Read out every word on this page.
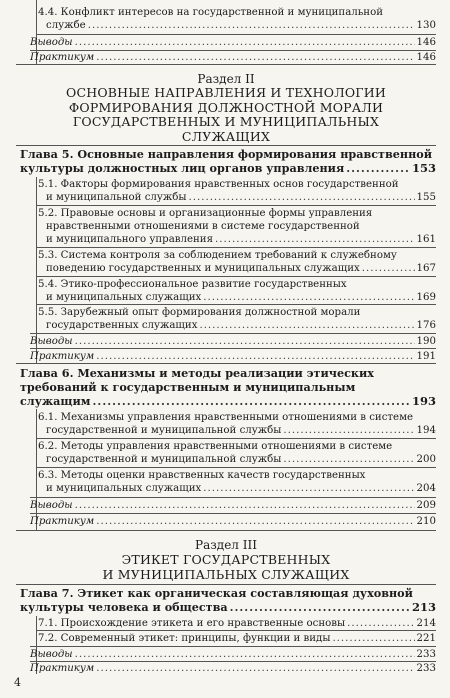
4.4. Конфликт интересов на государственной и муниципальной
службе .....	130
Выводы .....	146
Практикум .....	146
Раздел II
ОСНОВНЫЕ НАПРАВЛЕНИЯ И ТЕХНОЛОГИИ
ФОРМИРОВАНИЯ ДОЛЖНОСТНОЙ МОРАЛИ
ГОСУДАРСТВЕННЫХ И МУНИЦИПАЛЬНЫХ
СЛУЖАЩИХ
Глава 5. Основные направления формирования нравственной
культуры должностных лиц органов управления .....	153
5.1. Факторы формирования нравственных основ государственной
и муниципальной службы .....	155
5.2. Правовые основы и организационные формы управления
нравственными отношениями в системе государственной
и муниципального управления .....	161
5.3. Система контроля за соблюдением требований к служебному
поведению государственных и муниципальных служащих .....	167
5.4. Этико-профессиональное развитие государственных
и муниципальных служащих .....	169
5.5. Зарубежный опыт формирования должностной морали
государственных служащих .....	176
Выводы .....	190
Практикум .....	191
Глава 6. Механизмы и методы реализации этических
требований к государственным и муниципальным
служащим .....	193
6.1. Механизмы управления нравственными отношениями в системе
государственной и муниципальной службы .....	194
6.2. Методы управления нравственными отношениями в системе
государственной и муниципальной службы .....	200
6.3. Методы оценки нравственных качеств государственных
и муниципальных служащих .....	204
Выводы .....	209
Практикум .....	210
Раздел III
ЭТИКЕТ ГОСУДАРСТВЕННЫХ
И МУНИЦИПАЛЬНЫХ СЛУЖАЩИХ
Глава 7. Этикет как органическая составляющая духовной
культуры человека и общества .....	213
7.1. Происхождение этикета и его нравственные основы .....	214
7.2. Современный этикет: принципы, функции и виды .....	221
Выводы .....	233
Практикум .....	233
4
